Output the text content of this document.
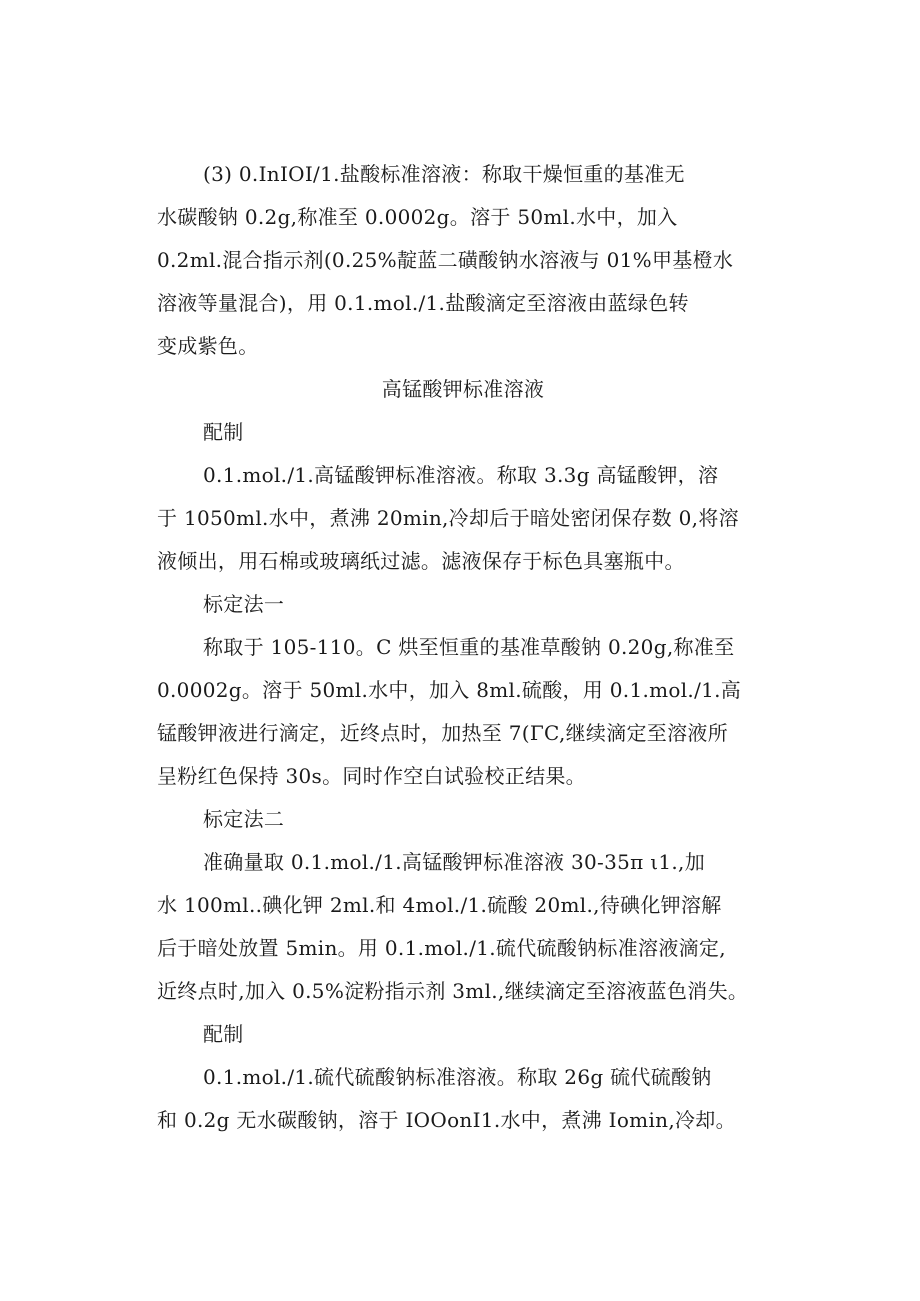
(3) 0.InIOI/1.盐酸标准溶液：称取干燥恒重的基准无
水碳酸钠 0.2g,称准至 0.0002g。溶于 50ml.水中，加入
0.2ml.混合指示剂(0.25%靛蓝二磺酸钠水溶液与 01%甲基橙水
溶液等量混合)，用 0.1.mol./1.盐酸滴定至溶液由蓝绿色转
变成紫色。
高锰酸钾标准溶液
配制
0.1.mol./1.高锰酸钾标准溶液。称取 3.3g 高锰酸钾，溶
于 1050ml.水中，煮沸 20min,冷却后于暗处密闭保存数 0,将溶
液倾出，用石棉或玻璃纸过滤。滤液保存于标色具塞瓶中。
标定法一
称取于 105-110。C 烘至恒重的基准草酸钠 0.20g,称准至
0.0002g。溶于 50ml.水中，加入 8ml.硫酸，用 0.1.mol./1.高
锰酸钾液进行滴定，近终点时，加热至 7(ΓC,继续滴定至溶液所
呈粉红色保持 30s。同时作空白试验校正结果。
标定法二
准确量取 0.1.mol./1.高锰酸钾标准溶液 30-35π ι1.,加
水 100ml..碘化钾 2ml.和 4mol./1.硫酸 20ml.,待碘化钾溶解
后于暗处放置 5min。用 0.1.mol./1.硫代硫酸钠标准溶液滴定,
近终点时,加入 0.5%淀粉指示剂 3ml.,继续滴定至溶液蓝色消失。
配制
0.1.mol./1.硫代硫酸钠标准溶液。称取 26g 硫代硫酸钠
和 0.2g 无水碳酸钠，溶于 IOOonI1.水中，煮沸 Iomin,冷却。
